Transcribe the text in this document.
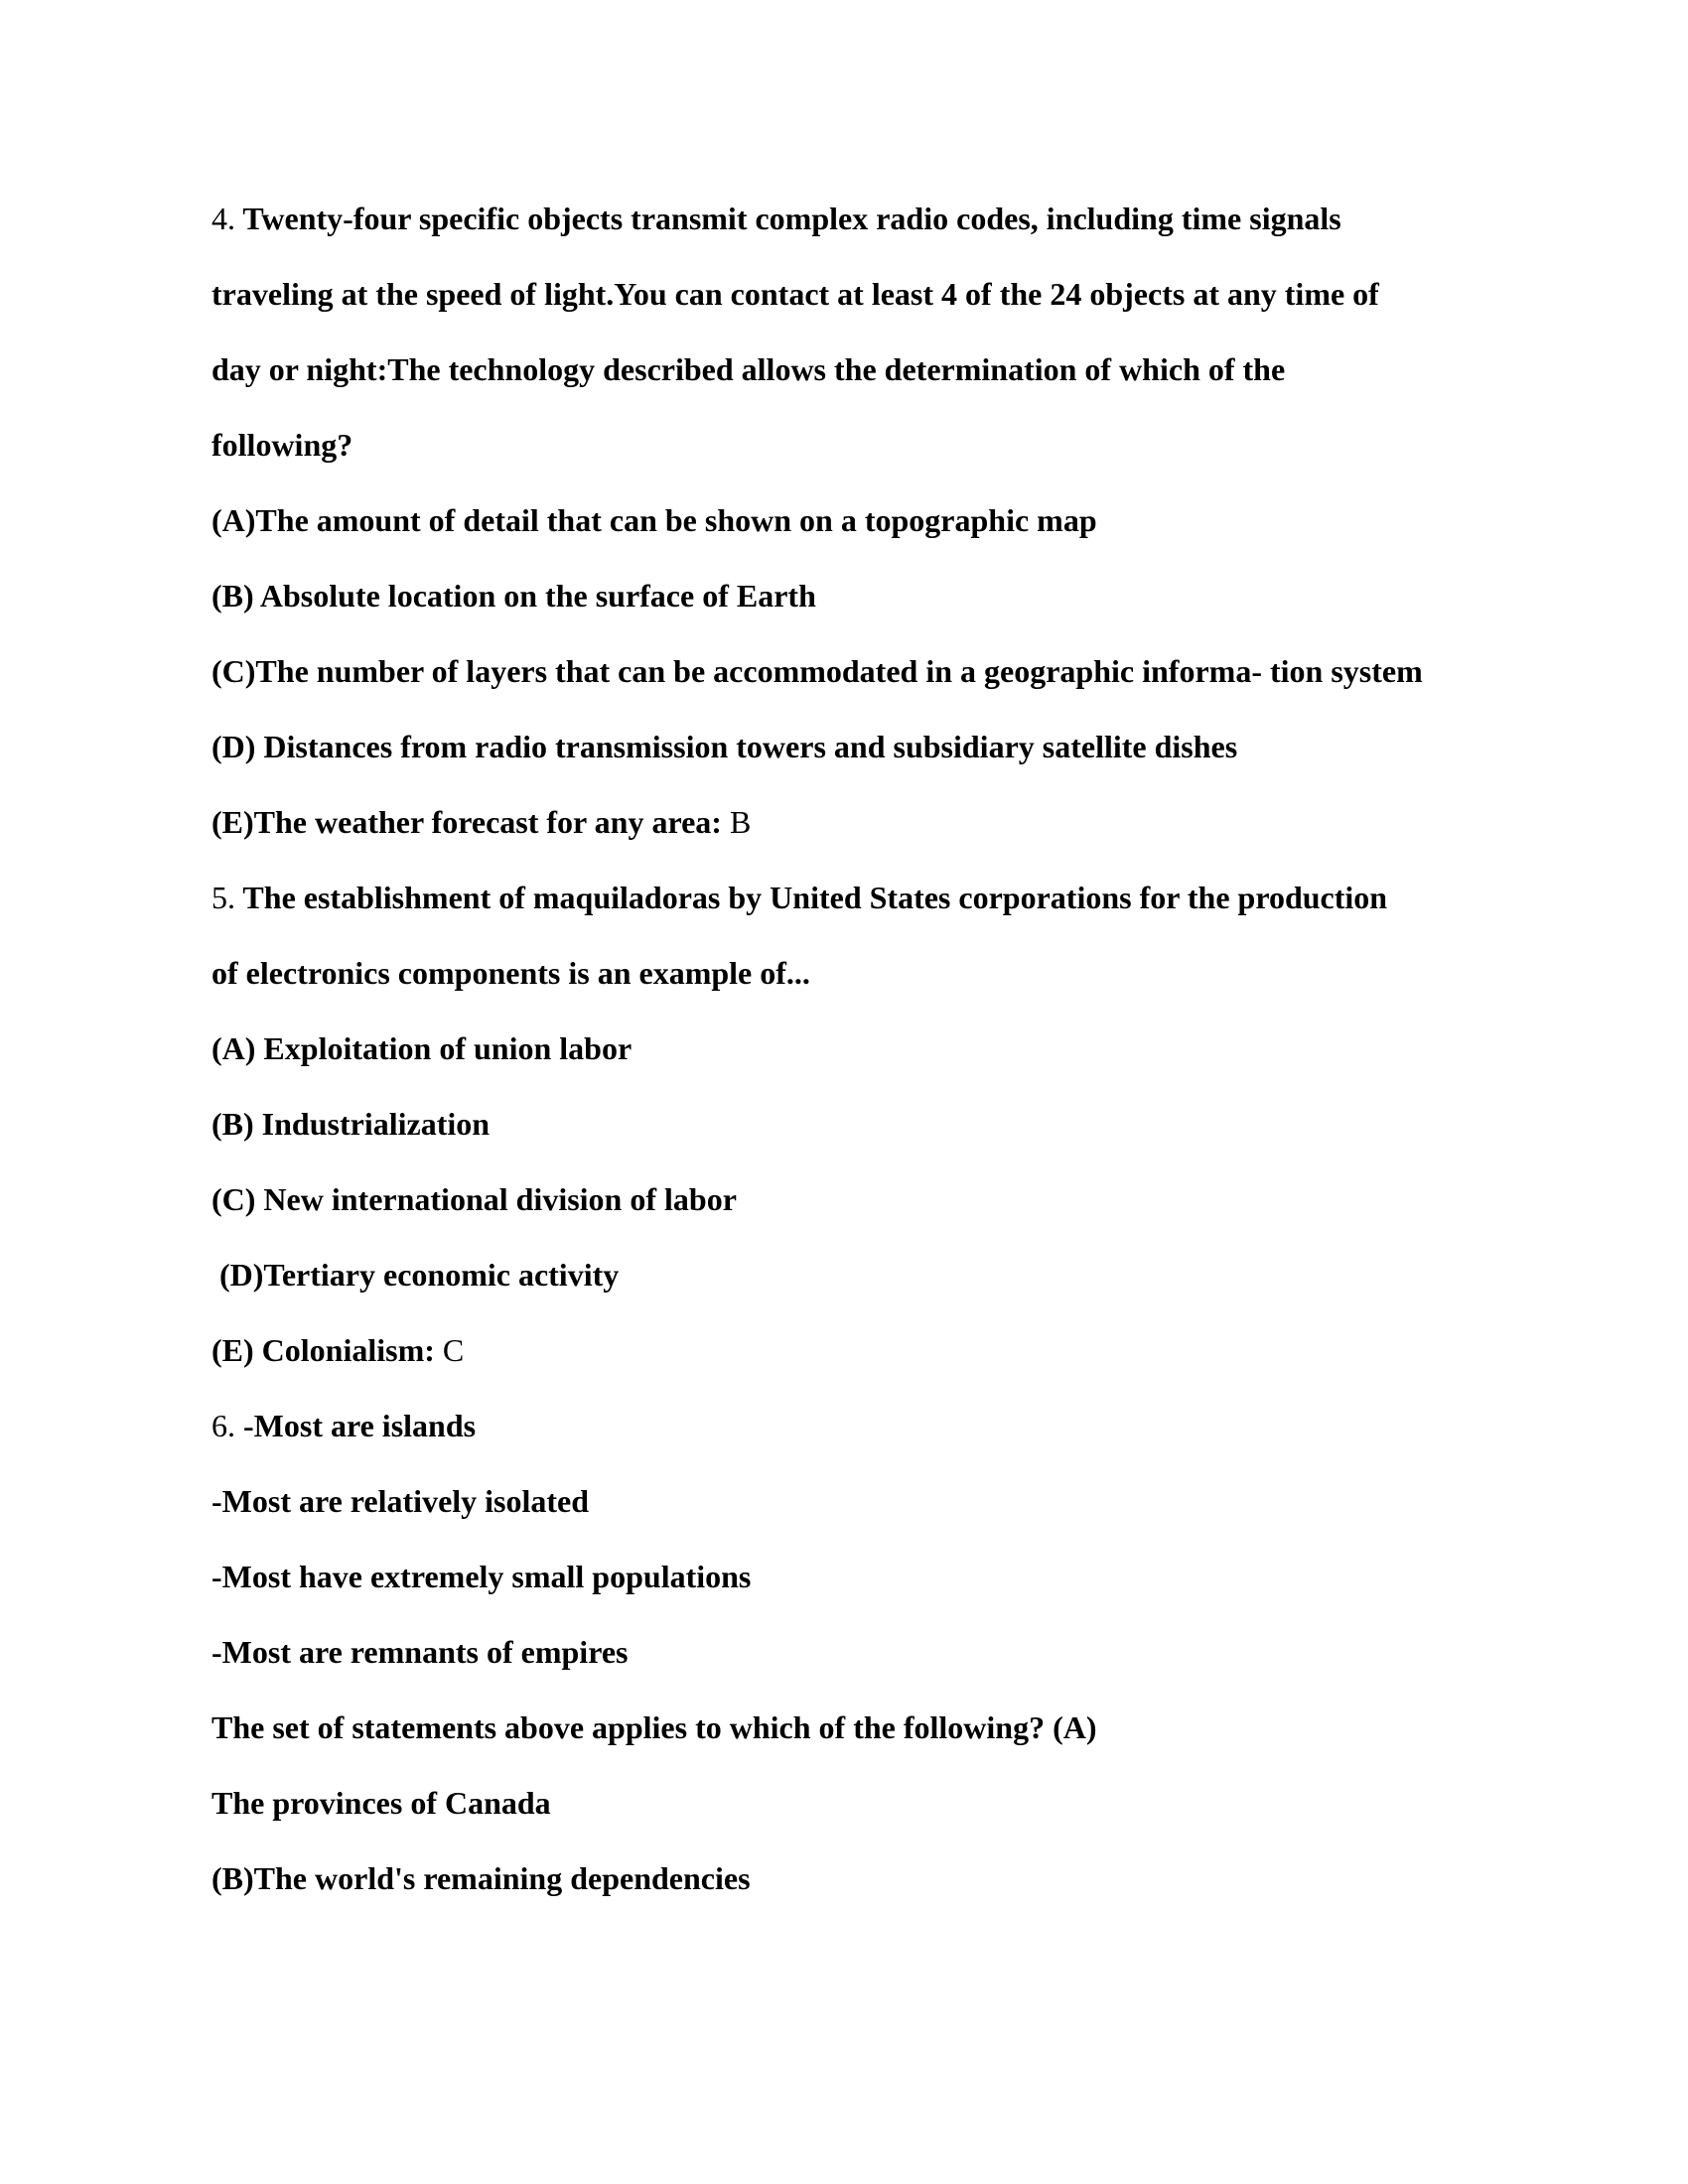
4. Twenty-four specific objects transmit complex radio codes, including time signals
traveling at the speed of light.You can contact at least 4 of the 24 objects at any time of
day or night:The technology described allows the determination of which of the
following?
(A)The amount of detail that can be shown on a topographic map
(B) Absolute location on the surface of Earth
(C)The number of layers that can be accommodated in a geographic informa- tion system
(D) Distances from radio transmission towers and subsidiary satellite dishes
(E)The weather forecast for any area: B
5. The establishment of maquiladoras by United States corporations for the production
of electronics components is an example of...
(A) Exploitation of union labor
(B) Industrialization
(C) New international division of labor
(D)Tertiary economic activity
(E) Colonialism: C
6. -Most are islands
-Most are relatively isolated
-Most have extremely small populations
-Most are remnants of empires
The set of statements above applies to which of the following? (A)
The provinces of Canada
(B)The world's remaining dependencies
